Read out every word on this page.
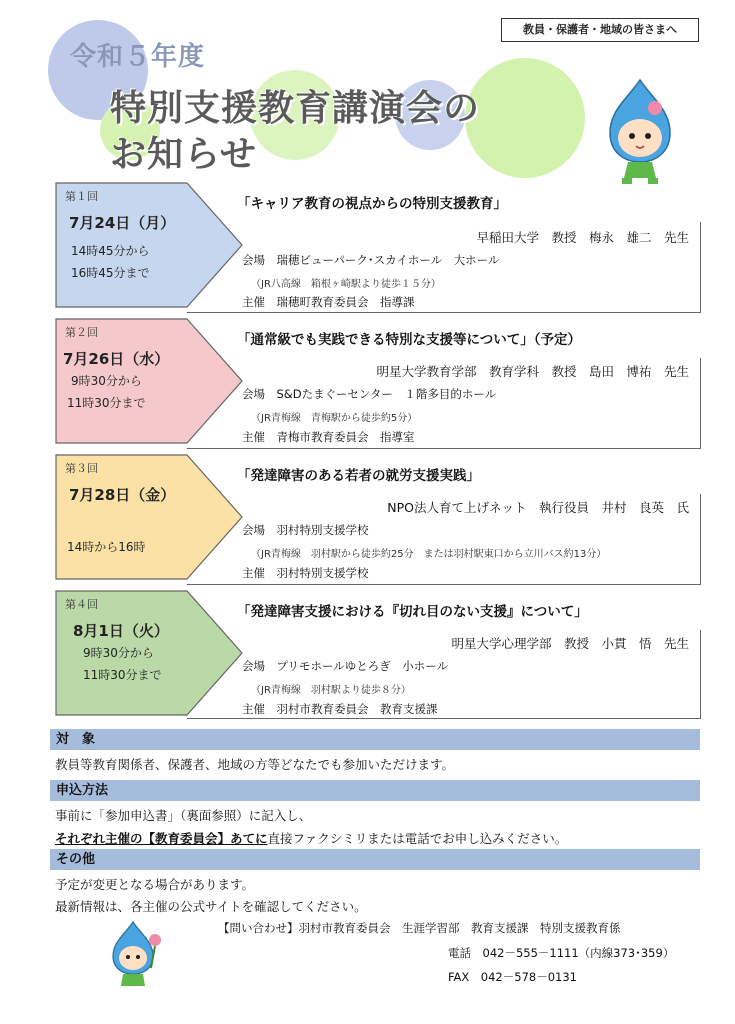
教員・保護者・地域の皆さまへ
令和５年度
特別支援教育講演会の
お知らせ
第１回
7月24日（月）
14時45分から
16時45分まで
「キャリア教育の視点からの特別支援教育」
早稲田大学　教授　梅永　雄二　先生
会場　瑞穂ビューパーク･スカイホール　大ホール
（JR八高線　箱根ヶ崎駅より徒歩１５分）
主催　瑞穂町教育委員会　指導課
第２回
7月26日（水）
9時30分から
11時30分まで
「通常級でも実践できる特別な支援等について」（予定）
明星大学教育学部　教育学科　教授　島田　博祐　先生
会場　S&Dたまぐーセンター　１階多目的ホール
（JR青梅線　青梅駅から徒歩約5分）
主催　青梅市教育委員会　指導室
第３回
7月28日（金）
14時から16時
「発達障害のある若者の就労支援実践」
NPO法人育て上げネット　執行役員　井村　良英　氏
会場　羽村特別支援学校
（JR青梅線　羽村駅から徒歩約25分　または羽村駅東口から立川バス約13分）
主催　羽村特別支援学校
第４回
8月1日（火）
9時30分から
11時30分まで
「発達障害支援における『切れ目のない支援』について」
明星大学心理学部　教授　小貫　悟　先生
会場　プリモホールゆとろぎ　小ホール
（JR青梅線　羽村駅より徒歩８分）
主催　羽村市教育委員会　教育支援課
対　象
教員等教育関係者、保護者、地域の方等どなたでも参加いただけます。
申込方法
事前に「参加申込書」（裏面参照）に記入し、
それぞれ主催の【教育委員会】あてに直接ファクシミリまたは電話でお申し込みください。
その他
予定が変更となる場合があります。
最新情報は、各主催の公式サイトを確認してください。
【問い合わせ】羽村市教育委員会　生涯学習部　教育支援課　特別支援教育係
電話　042－555－1111（内線373･359）
FAX　042－578－0131
